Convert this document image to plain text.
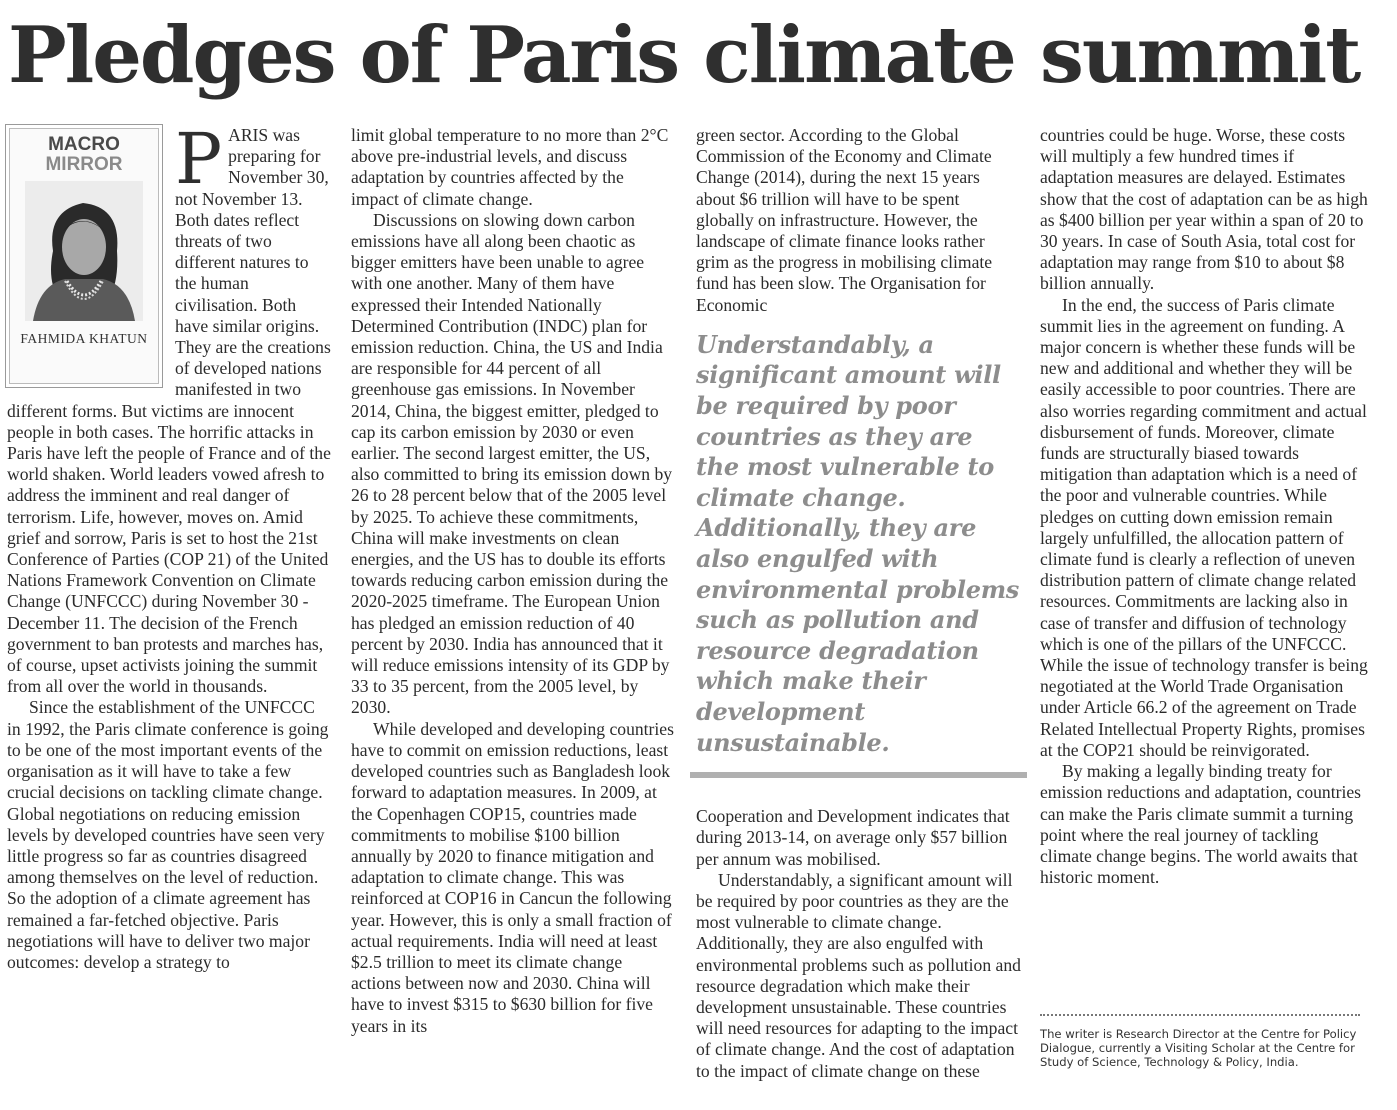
Pledges of Paris climate summit
MACRO
MIRROR
FAHMIDA KHATUN

PARIS was preparing for November 30, not November 13. Both dates reflect threats of two different natures to the human civilisation. Both have similar origins. They are the creations of developed nations manifested in two different forms. But victims are innocent people in both cases. The horrific attacks in Paris have left the people of France and of the world shaken. World leaders vowed afresh to address the imminent and real danger of terrorism. Life, however, moves on. Amid grief and sorrow, Paris is set to host the 21st Conference of Parties (COP 21) of the United Nations Framework Convention on Climate Change (UNFCCC) during November 30 - December 11. The decision of the French government to ban protests and marches has, of course, upset activists joining the summit from all over the world in thousands.

Since the establishment of the UNFCCC in 1992, the Paris climate conference is going to be one of the most important events of the organisation as it will have to take a few crucial decisions on tackling climate change. Global negotiations on reducing emission levels by developed countries have seen very little progress so far as countries disagreed among themselves on the level of reduction. So the adoption of a climate agreement has remained a far-fetched objective. Paris negotiations will have to deliver two major outcomes: develop a strategy to

limit global temperature to no more than 2°C above pre-industrial levels, and discuss adaptation by countries affected by the impact of climate change.

Discussions on slowing down carbon emissions have all along been chaotic as bigger emitters have been unable to agree with one another. Many of them have expressed their Intended Nationally Determined Contribution (INDC) plan for emission reduction. China, the US and India are responsible for 44 percent of all greenhouse gas emissions. In November 2014, China, the biggest emitter, pledged to cap its carbon emission by 2030 or even earlier. The second largest emitter, the US, also committed to bring its emission down by 26 to 28 percent below that of the 2005 level by 2025. To achieve these commitments, China will make investments on clean energies, and the US has to double its efforts towards reducing carbon emission during the 2020-2025 timeframe. The European Union has pledged an emission reduction of 40 percent by 2030. India has announced that it will reduce emissions intensity of its GDP by 33 to 35 percent, from the 2005 level, by 2030.

While developed and developing countries have to commit on emission reductions, least developed countries such as Bangladesh look forward to adaptation measures. In 2009, at the Copenhagen COP15, countries made commitments to mobilise $100 billion annually by 2020 to finance mitigation and adaptation to climate change. This was reinforced at COP16 in Cancun the following year. However, this is only a small fraction of actual requirements. India will need at least $2.5 trillion to meet its climate change actions between now and 2030. China will have to invest $315 to $630 billion for five years in its

green sector. According to the Global Commission of the Economy and Climate Change (2014), during the next 15 years about $6 trillion will have to be spent globally on infrastructure. However, the landscape of climate finance looks rather grim as the progress in mobilising climate fund has been slow. The Organisation for Economic

Understandably, a significant amount will be required by poor countries as they are the most vulnerable to climate change. Additionally, they are also engulfed with environmental problems such as pollution and resource degradation which make their development unsustainable.

Cooperation and Development indicates that during 2013-14, on average only $57 billion per annum was mobilised.

Understandably, a significant amount will be required by poor countries as they are the most vulnerable to climate change. Additionally, they are also engulfed with environmental problems such as pollution and resource degradation which make their development unsustainable. These countries will need resources for adapting to the impact of climate change. And the cost of adaptation to the impact of climate change on these

countries could be huge. Worse, these costs will multiply a few hundred times if adaptation measures are delayed. Estimates show that the cost of adaptation can be as high as $400 billion per year within a span of 20 to 30 years. In case of South Asia, total cost for adaptation may range from $10 to about $8 billion annually.

In the end, the success of Paris climate summit lies in the agreement on funding. A major concern is whether these funds will be new and additional and whether they will be easily accessible to poor countries. There are also worries regarding commitment and actual disbursement of funds. Moreover, climate funds are structurally biased towards mitigation than adaptation which is a need of the poor and vulnerable countries. While pledges on cutting down emission remain largely unfulfilled, the allocation pattern of climate fund is clearly a reflection of uneven distribution pattern of climate change related resources. Commitments are lacking also in case of transfer and diffusion of technology which is one of the pillars of the UNFCCC. While the issue of technology transfer is being negotiated at the World Trade Organisation under Article 66.2 of the agreement on Trade Related Intellectual Property Rights, promises at the COP21 should be reinvigorated.

By making a legally binding treaty for emission reductions and adaptation, countries can make the Paris climate summit a turning point where the real journey of tackling climate change begins. The world awaits that historic moment.

The writer is Research Director at the Centre for Policy Dialogue, currently a Visiting Scholar at the Centre for Study of Science, Technology & Policy, India.
